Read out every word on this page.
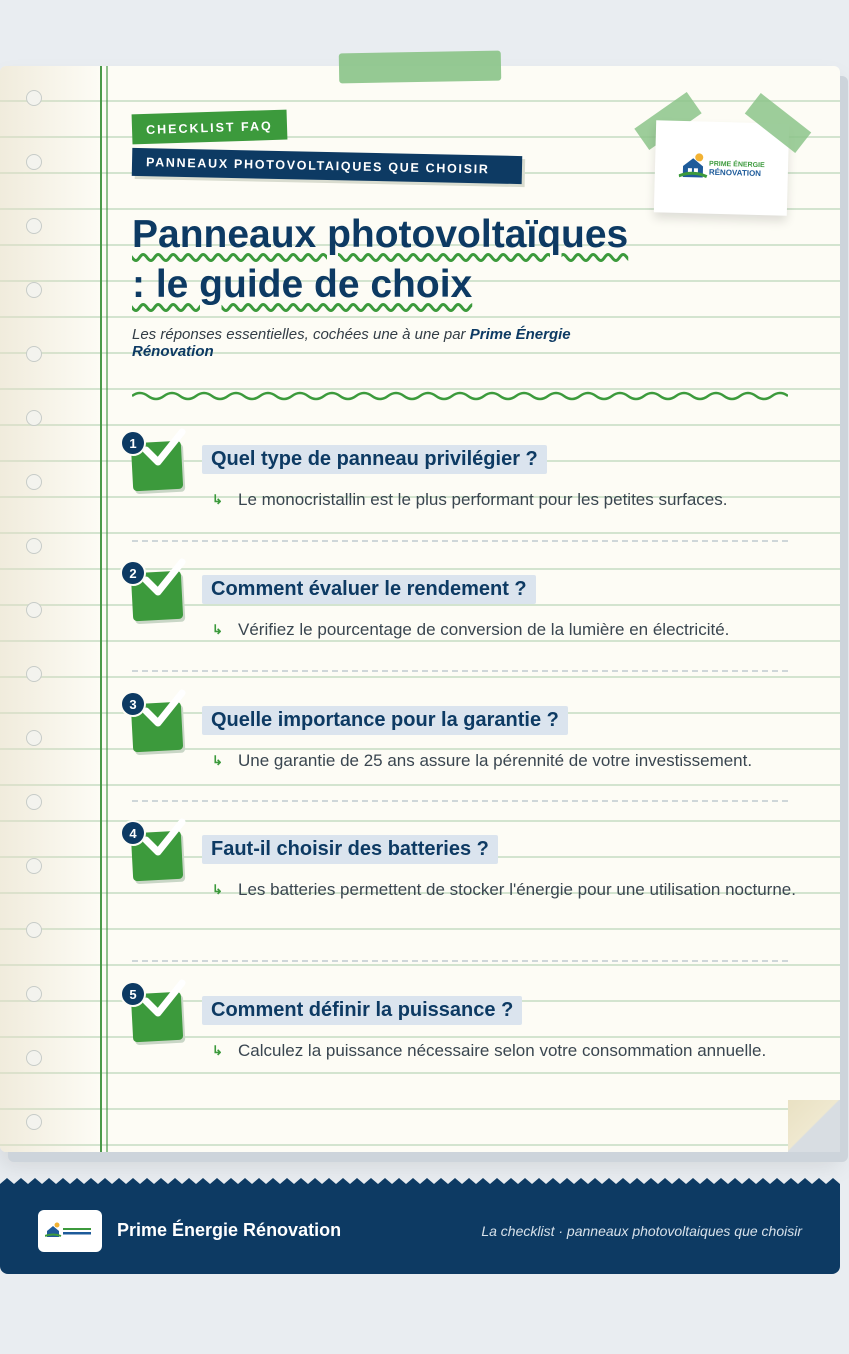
CHECKLIST FAQ
PANNEAUX PHOTOVOLTAIQUES QUE CHOISIR	PRIME ÉNERGIE
RÉNOVATION
Panneaux photovoltaïques
: le guide de choix

Les réponses essentielles, cochées une à une par Prime Énergie Rénovation

1
Quel type de panneau privilégier ?
↳ Le monocristallin est le plus performant pour les petites surfaces.
2
Comment évaluer le rendement ?
↳ Vérifiez le pourcentage de conversion de la lumière en électricité.
3
Quelle importance pour la garantie ?
↳ Une garantie de 25 ans assure la pérennité de votre investissement.
4
Faut-il choisir des batteries ?
↳ Les batteries permettent de stocker l'énergie pour une utilisation nocturne.
5
Comment définir la puissance ?
↳ Calculez la puissance nécessaire selon votre consommation annuelle.
Prime Énergie Rénovation	La checklist · panneaux photovoltaiques que choisir
